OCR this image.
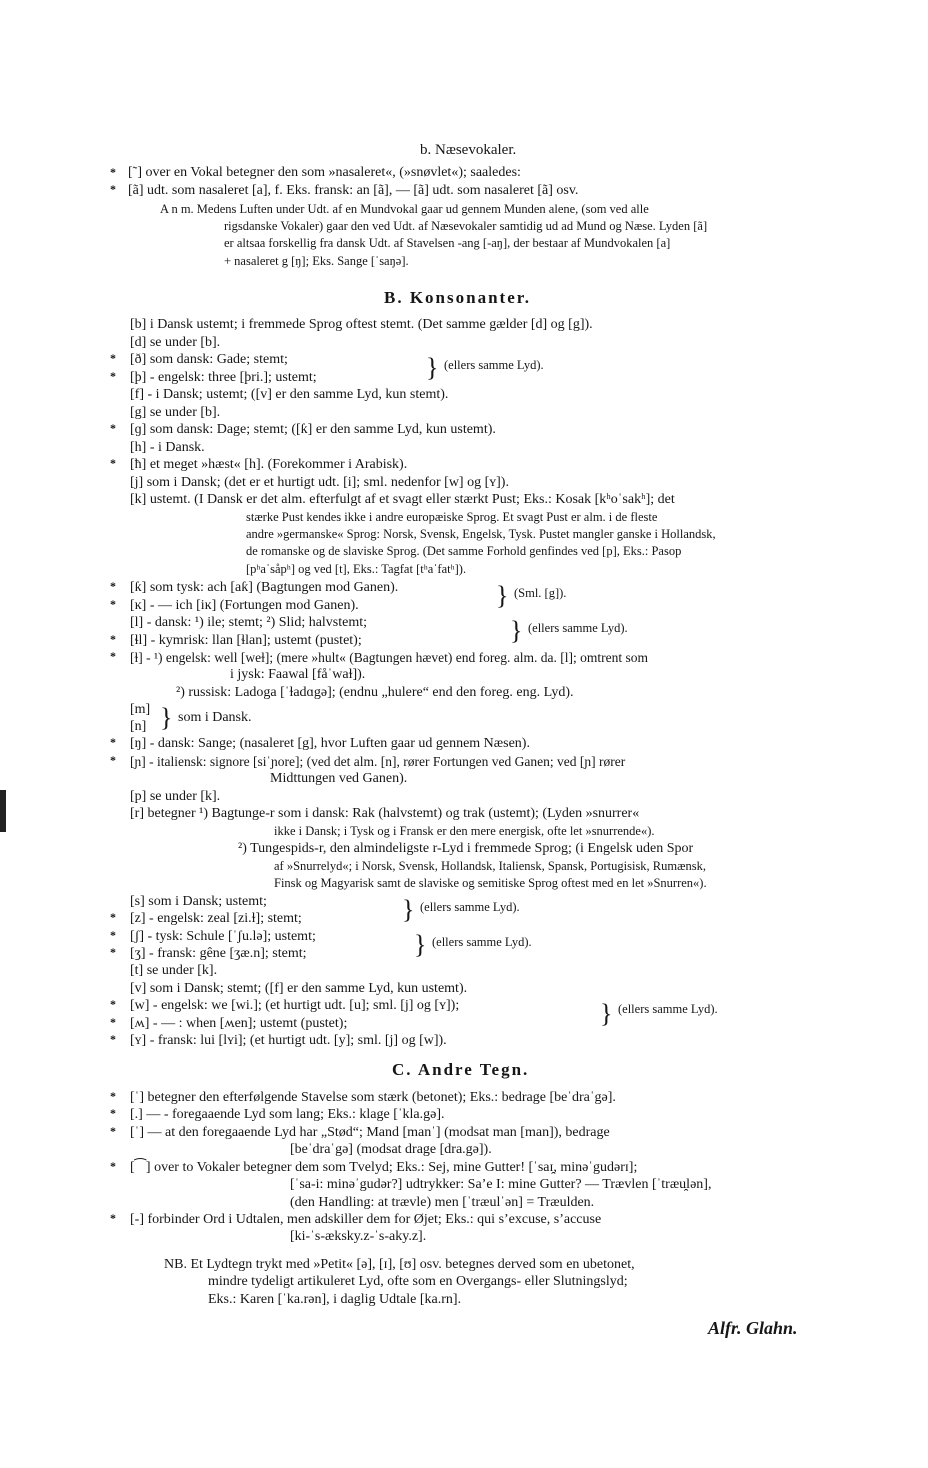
b. Næsevokaler.
*
*
[˜] over en Vokal betegner den som »nasaleret«, (»snøvlet«); saaledes:
[ã] udt. som nasaleret [a], f. Eks. fransk: an [ã], — [ã] udt. som nasaleret [ã] osv.
A n m. Medens Luften under Udt. af en Mundvokal gaar ud gennem Munden alene, (som ved alle
rigsdanske Vokaler) gaar den ved Udt. af Næsevokaler samtidig ud ad Mund og Næse. Lyden [ã]
er altsaa forskellig fra dansk Udt. af Stavelsen -ang [-aŋ], der bestaar af Mundvokalen [a]
+ nasaleret g [ŋ]; Eks. Sange [ˈsaŋə].
B. Konsonanter.
[b] i Dansk ustemt; i fremmede Sprog oftest stemt. (Det samme gælder [d] og [g]).
[d] se under [b].
* [ð] som dansk: Gade; stemt;
* [þ] - engelsk: three [þri.]; ustemt;	} (ellers samme Lyd).
[f] - i Dansk; ustemt; ([v] er den samme Lyd, kun stemt).
[g] se under [b].
* [ɡ] som dansk: Dage; stemt; ([ƙ] er den samme Lyd, kun ustemt).
[h] - i Dansk.
* [ħ] et meget »hæst« [h]. (Forekommer i Arabisk).
[j] som i Dansk; (det er et hurtigt udt. [i]; sml. nedenfor [w] og [ʏ]).
[k] ustemt. (I Dansk er det alm. efterfulgt af et svagt eller stærkt Pust; Eks.: Kosak [kʰoˈsakʰ]; det
stærke Pust kendes ikke i andre europæiske Sprog. Et svagt Pust er alm. i de fleste
andre »germanske« Sprog: Norsk, Svensk, Engelsk, Tysk. Pustet mangler ganske i Hollandsk,
de romanske og de slaviske Sprog. (Det samme Forhold genfindes ved [p], Eks.: Pasop
[pʰaˈsåpʰ] og ved [t], Eks.: Tagfat [tʰaˈfatʰ]).
* [ƙ] som tysk: ach [aƙ] (Bagtungen mod Ganen).
* [ĸ] - — ich [iĸ] (Fortungen mod Ganen).	} (Sml. [g]).
[l] - dansk: ¹) ile; stemt; ²) Slid; halvstemt;
* [ɬl] - kymrisk: llan [ɬlan]; ustemt (pustet);	} (ellers samme Lyd).
* [ɫ] - ¹) engelsk: well [weɫ]; (mere »hult« (Bagtungen hævet) end foreg. alm. da. [l]; omtrent som
i jysk: Faawal [fåˈwaɫ]).
²) russisk: Ladoga [ˈɫadɑgə]; (endnu „hulere“ end den foreg. eng. Lyd).
[m]
[n] } som i Dansk.
* [ŋ] - dansk: Sange; (nasaleret [g], hvor Luften gaar ud gennem Næsen).
* [ɲ] - italiensk: signore [siˈɲore]; (ved det alm. [n], rører Fortungen ved Ganen; ved [ɲ] rører
Midttungen ved Ganen).
[p] se under [k].
[r] betegner ¹) Bagtunge-r som i dansk: Rak (halvstemt) og trak (ustemt); (Lyden »snurrer«
ikke i Dansk; i Tysk og i Fransk er den mere energisk, ofte let »snurrende«).
²) Tungespids-r, den almindeligste r-Lyd i fremmede Sprog; (i Engelsk uden Spor
af »Snurrelyd«; i Norsk, Svensk, Hollandsk, Italiensk, Spansk, Portugisisk, Rumænsk,
Finsk og Magyarisk samt de slaviske og semitiske Sprog oftest med en let »Snurren«).
[s] som i Dansk; ustemt;
* [z] - engelsk: zeal [zi.ɫ]; stemt;	} (ellers samme Lyd).
* [ʃ] - tysk: Schule [ˈʃu.lə]; ustemt;
* [ʒ] - fransk: gêne [ʒæ.n]; stemt;	} (ellers samme Lyd).
[t] se under [k].
[v] som i Dansk; stemt; ([f] er den samme Lyd, kun ustemt).
* [w] - engelsk: we [wi.]; (et hurtigt udt. [u]; sml. [j] og [ʏ]);
* [ʍ] - — : when [ʍen]; ustemt (pustet);	} (ellers samme Lyd).
* [ʏ] - fransk: lui [lʏi]; (et hurtigt udt. [y]; sml. [j] og [w]).
C. Andre Tegn.
* [ˈ] betegner den efterfølgende Stavelse som stærk (betonet); Eks.: bedrage [beˈdraˈgə].
* [.] — - foregaaende Lyd som lang; Eks.: klage [ˈkla.gə].
* [ˈ] — at den foregaaende Lyd har „Stød“; Mand [manˈ] (modsat man [man]), bedrage
[beˈdraˈgə] (modsat drage [dra.gə]).
* [⁀] over to Vokaler betegner dem som Tvelyd; Eks.: Sej, mine Gutter! [ˈsaɪ̯, minəˈgudərɪ];
[ˈsa-i: minəˈgudər?] udtrykker: Sa’e I: mine Gutter? — Trævlen [ˈtræu̯lən],
(den Handling: at trævle) men [ˈtræulˈən] = Træulden.
* [-] forbinder Ord i Udtalen, men adskiller dem for Øjet; Eks.: qui s’excuse, s’accuse
[ki-ˈs-æksky.z-ˈs-aky.z].
NB. Et Lydtegn trykt med »Petit« [ə], [ɪ], [ʊ] osv. betegnes derved som en ubetonet,
mindre tydeligt artikuleret Lyd, ofte som en Overgangs- eller Slutningslyd;
Eks.: Karen [ˈka.rən], i daglig Udtale [ka.rn].
Alfr. Glahn.
